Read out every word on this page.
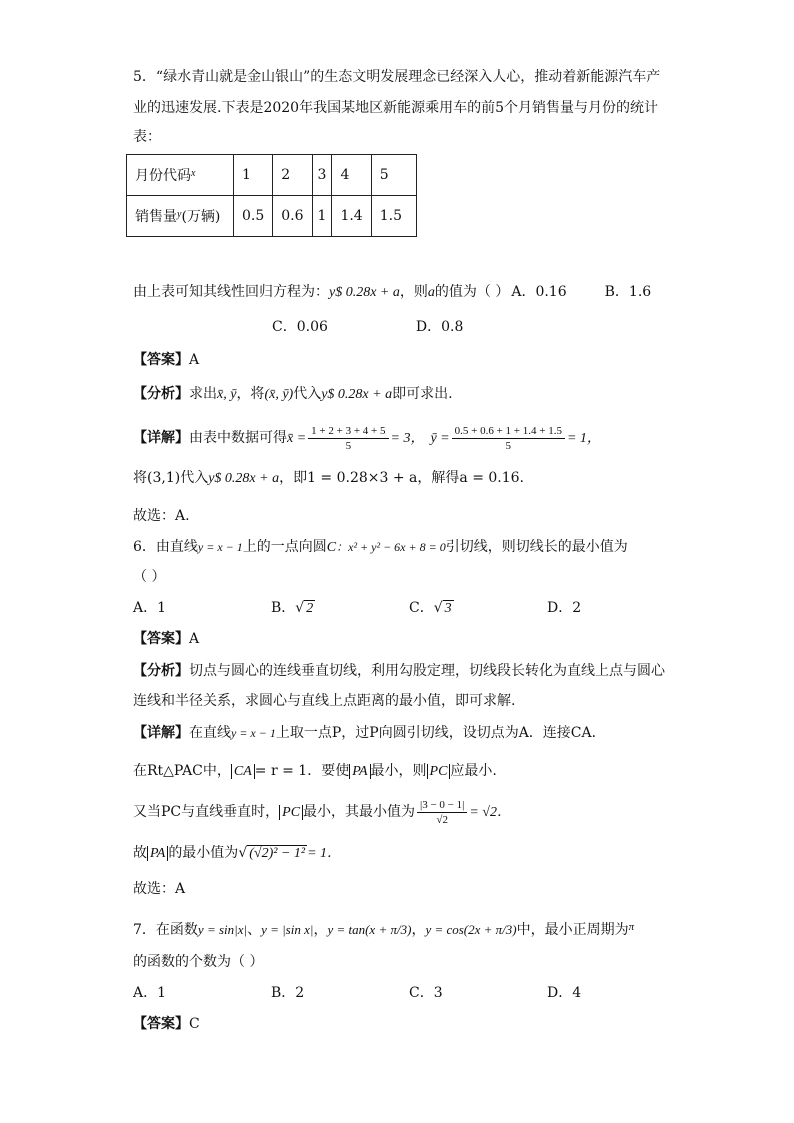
5．“绿水青山就是金山银山”的生态文明发展理念已经深入人心，推动着新能源汽车产
业的迅速发展.下表是2020年我国某地区新能源乘用车的前5个月销售量与月份的统计
表：
月份代码$^x$	1	2	3	4	5
销售量$^y$(万辆)	0.5	0.6	1	1.4	1.5
由上表可知其线性回归方程为：y$ 0.28x + a，则a的值为（ ） A．0.16	B．1.6
C．0.06	D．0.8
【答案】A
【分析】求出x̄, ȳ，将(x̄, ȳ)代入y$ 0.28x + a即可求出.
【详解】由表中数据可得x̄ = $\frac{1 + 2 + 3 + 4 + 5}{5} = 3$， ȳ = $\frac{0.5 + 0.6 + 1 + 1.4 + 1.5}{5} = 1$，
将(3,1)代入y$ 0.28x + a，即1 = 0.28×3 + a，解得a = 0.16.
故选：A.
6．由直线y = x − 1上的一点向圆C：x² + y² − 6x + 8 = 0引切线，则切线长的最小值为
（ ）
A．1	B．√ 2	C．√ 3	D．2
【答案】A
【分析】切点与圆心的连线垂直切线，利用勾股定理，切线段长转化为直线上点与圆心
连线和半径关系，求圆心与直线上点距离的最小值，即可求解.
【详解】在直线y = x − 1上取一点P，过P向圆引切线，设切点为A．连接CA．
在Rt△PAC中， CA = r = 1．要使 PA 最小，则 PC 应最小.
又当PC与直线垂直时， PC 最小，其最小值为 $\frac{|3 - 0 - 1|}{√2} = √2$．
故 PA 的最小值为√ (√2)² − 1² = 1．
故选：A
7．在函数y = sin|x|、y = |sin x|，y = tan(x + π/3)，y = cos(2x + π/3)中，最小正周期为$^\pi$
的函数的个数为（ ）
A．1	B．2	C．3	D．4
【答案】C
